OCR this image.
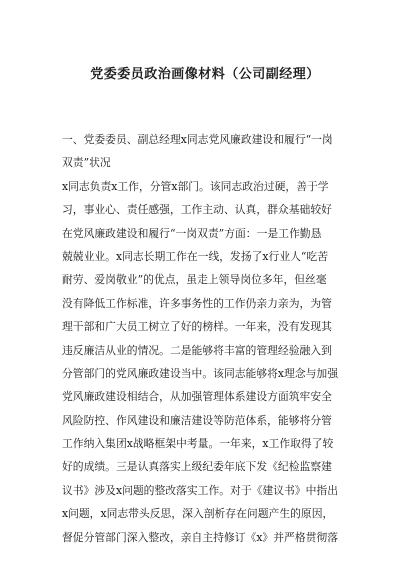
党委委员政治画像材料（公司副经理）
一、党委委员、副总经理x同志党风廉政建设和履行“一岗
双责”状况
x同志负责x工作，分管x部门。该同志政治过硬，善于学
习，事业心、责任感强，工作主动、认真，群众基础较好
在党风廉政建设和履行“一岗双责”方面：一是工作勤恳
兢兢业业。x同志长期工作在一线，发扬了x行业人“吃苦
耐劳、爱岗敬业”的优点，虽走上领导岗位多年，但丝毫
没有降低工作标准，许多事务性的工作仍亲力亲为，为管
理干部和广大员工树立了好的榜样。一年来，没有发现其
违反廉洁从业的情况。二是能够将丰富的管理经验融入到
分管部门的党风廉政建设当中。该同志能够将x理念与加强
党风廉政建设相结合，从加强管理体系建设方面筑牢安全
风险防控、作风建设和廉洁建设等防范体系，能够将分管
工作纳入集团x战略框架中考量。一年来，x工作取得了较
好的成绩。三是认真落实上级纪委年底下发《纪检监察建
议书》涉及x问题的整改落实工作。对于《建议书》中指出
x问题，x同志带头反思，深入剖析存在问题产生的原因，
督促分管部门深入整改，亲自主持修订《x》并严格贯彻落
